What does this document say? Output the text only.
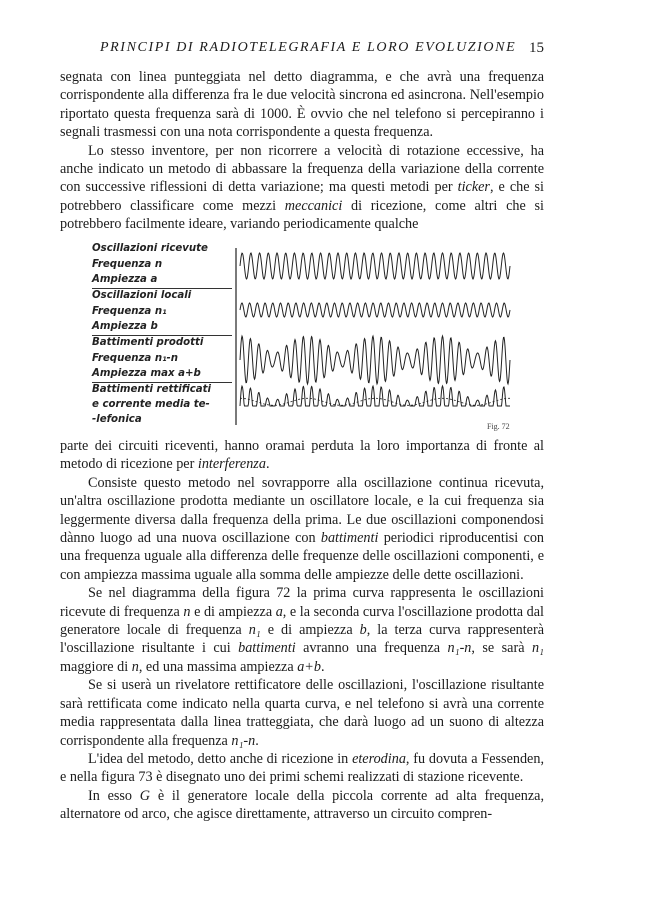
PRINCIPI DI RADIOTELEGRAFIA E LORO EVOLUZIONE 15

segnata con linea punteggiata nel detto diagramma, e che avrà una frequenza corrispondente alla differenza fra le due velocità sincrona ed asincrona. Nell'esempio riportato questa frequenza sarà di 1000. È ovvio che nel telefono si percepiranno i segnali trasmessi con una nota corrispondente a questa frequenza.

Lo stesso inventore, per non ricorrere a velocità di rotazione eccessive, ha anche indicato un metodo di abbassare la frequenza della variazione della corrente con successive riflessioni di detta variazione; ma questi metodi per ticker, e che si potrebbero classificare come mezzi meccanici di ricezione, come altri che si potrebbero facilmente ideare, variando periodicamente qualche

Oscillazioni ricevute
Frequenza n
Ampiezza a
Oscillazioni locali
Frequenza n₁
Ampiezza b
Battimenti prodotti
Frequenza n₁-n
Ampiezza max a+b
Battimenti rettificati
e corrente media te-
-lefonica
Fig. 72

parte dei circuiti riceventi, hanno oramai perduta la loro importanza di fronte al metodo di ricezione per interferenza.

Consiste questo metodo nel sovrapporre alla oscillazione continua ricevuta, un'altra oscillazione prodotta mediante un oscillatore locale, e la cui frequenza sia leggermente diversa dalla frequenza della prima. Le due oscillazioni componendosi dànno luogo ad una nuova oscillazione con battimenti periodici riproducentisi con una frequenza uguale alla differenza delle frequenze delle oscillazioni componenti, e con ampiezza massima uguale alla somma delle ampiezze delle dette oscillazioni.

Se nel diagramma della figura 72 la prima curva rappresenta le oscillazioni ricevute di frequenza n e di ampiezza a, e la seconda curva l'oscillazione prodotta dal generatore locale di frequenza n₁ e di ampiezza b, la terza curva rappresenterà l'oscillazione risultante i cui battimenti avranno una frequenza n₁-n, se sarà n₁ maggiore di n, ed una massima ampiezza a+b.

Se si userà un rivelatore rettificatore delle oscillazioni, l'oscillazione risultante sarà rettificata come indicato nella quarta curva, e nel telefono si avrà una corrente media rappresentata dalla linea tratteggiata, che darà luogo ad un suono di altezza corrispondente alla frequenza n₁-n.

L'idea del metodo, detto anche di ricezione in eterodina, fu dovuta a Fessenden, e nella figura 73 è disegnato uno dei primi schemi realizzati di stazione ricevente.

In esso G è il generatore locale della piccola corrente ad alta frequenza, alternatore od arco, che agisce direttamente, attraverso un circuito compren-
